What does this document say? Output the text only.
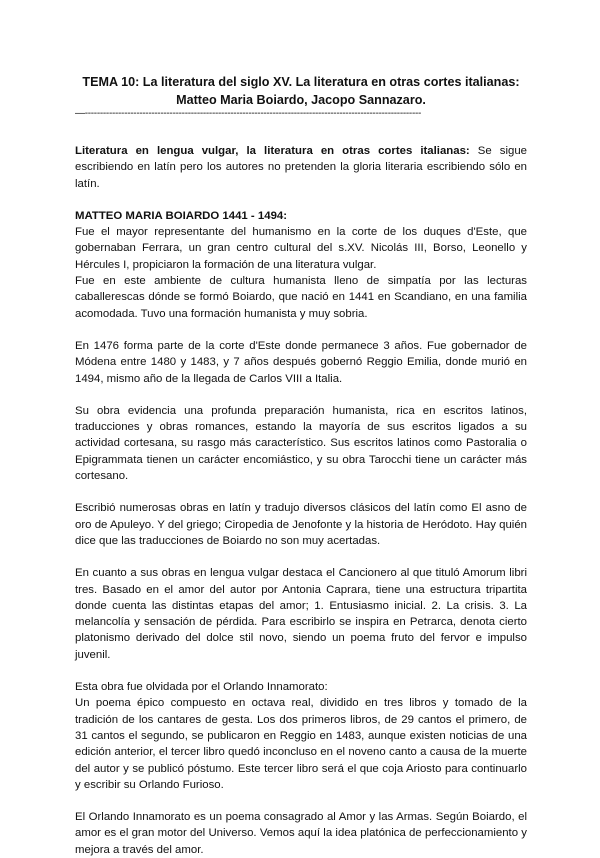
TEMA 10: La literatura del siglo XV. La literatura en otras cortes italianas:
Matteo Maria Boiardo, Jacopo Sannazaro.
—---------------------------------------------------------------------------------------------------------------

Literatura en lengua vulgar, la literatura en otras cortes italianas: Se sigue escribiendo en latín pero los autores no pretenden la gloria literaria escribiendo sólo en latín.

MATTEO MARIA BOIARDO 1441 - 1494:

Fue el mayor representante del humanismo en la corte de los duques d'Este, que gobernaban Ferrara, un gran centro cultural del s.XV. Nicolás III, Borso, Leonello y Hércules I, propiciaron la formación de una literatura vulgar.

Fue en este ambiente de cultura humanista lleno de simpatía por las lecturas caballerescas dónde se formó Boiardo, que nació en 1441 en Scandiano, en una familia acomodada. Tuvo una formación humanista y muy sobria.

En 1476 forma parte de la corte d'Este donde permanece 3 años. Fue gobernador de Módena entre 1480 y 1483, y 7 años después gobernó Reggio Emilia, donde murió en 1494, mismo año de la llegada de Carlos VIII a Italia.

Su obra evidencia una profunda preparación humanista, rica en escritos latinos, traducciones y obras romances, estando la mayoría de sus escritos ligados a su actividad cortesana, su rasgo más característico. Sus escritos latinos como Pastoralia o Epigrammata tienen un carácter encomiástico, y su obra Tarocchi tiene un carácter más cortesano.

Escribió numerosas obras en latín y tradujo diversos clásicos del latín como El asno de oro de Apuleyo. Y del griego; Ciropedia de Jenofonte y la historia de Heródoto. Hay quién dice que las traducciones de Boiardo no son muy acertadas.

En cuanto a sus obras en lengua vulgar destaca el Cancionero al que tituló Amorum libri tres. Basado en el amor del autor por Antonia Caprara, tiene una estructura tripartita donde cuenta las distintas etapas del amor; 1. Entusiasmo inicial. 2. La crisis. 3. La melancolía y sensación de pérdida. Para escribirlo se inspira en Petrarca, denota cierto platonismo derivado del dolce stil novo, siendo un poema fruto del fervor e impulso juvenil.

Esta obra fue olvidada por el Orlando Innamorato:

Un poema épico compuesto en octava real, dividido en tres libros y tomado de la tradición de los cantares de gesta. Los dos primeros libros, de 29 cantos el primero, de 31 cantos el segundo, se publicaron en Reggio en 1483, aunque existen noticias de una edición anterior, el tercer libro quedó inconcluso en el noveno canto a causa de la muerte del autor y se publicó póstumo. Este tercer libro será el que coja Ariosto para continuarlo y escribir su Orlando Furioso.

El Orlando Innamorato es un poema consagrado al Amor y las Armas. Según Boiardo, el amor es el gran motor del Universo. Vemos aquí la idea platónica de perfeccionamiento y mejora a través del amor.
